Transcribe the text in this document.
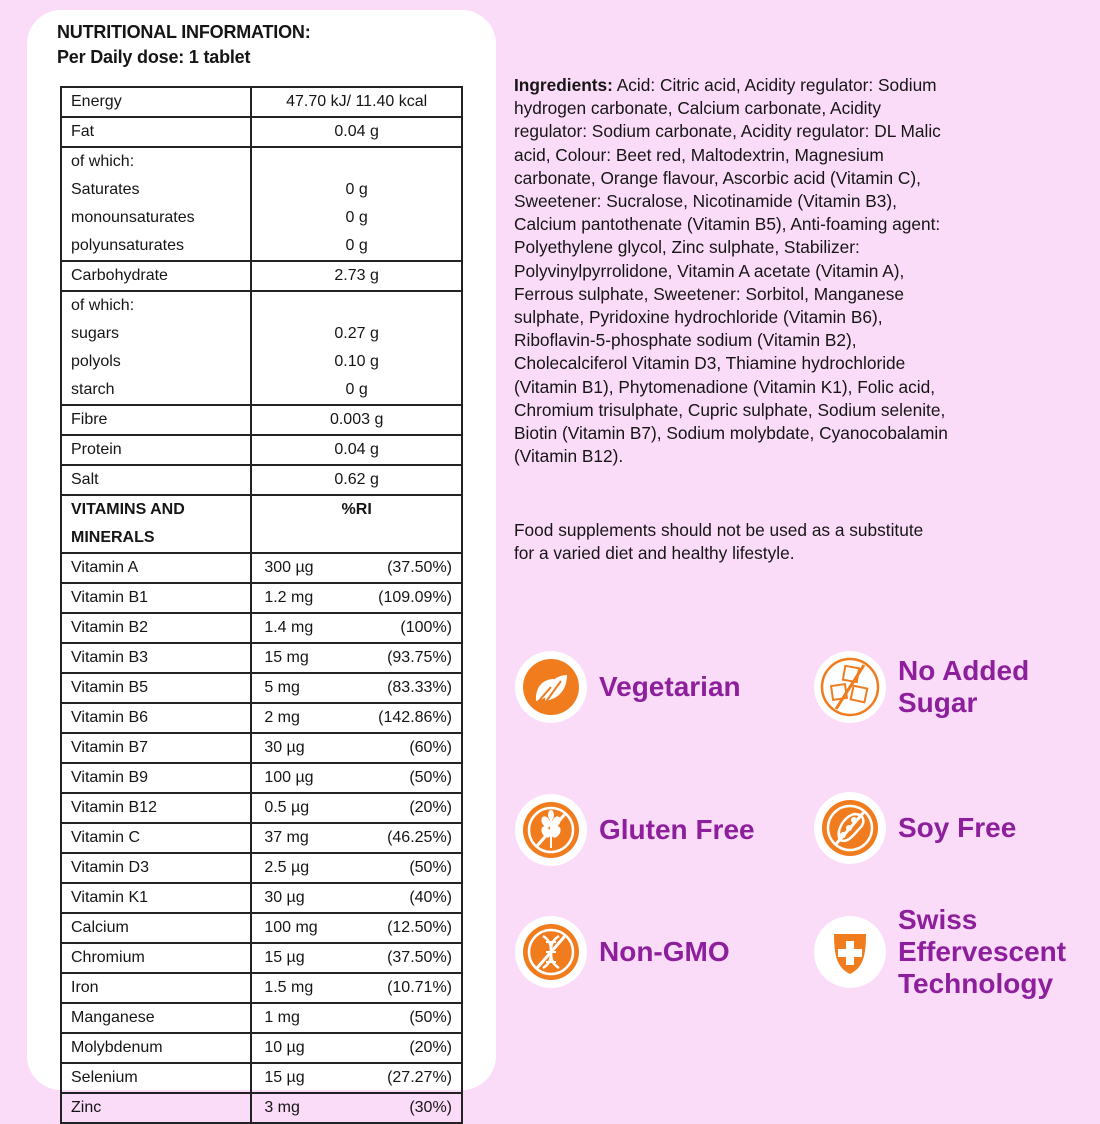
NUTRITIONAL INFORMATION:
Per Daily dose: 1 tablet
Energy	47.70 kJ/ 11.40 kcal
Fat	0.04 g
of which:	
Saturates	0 g
monounsaturates	0 g
polyunsaturates	0 g
Carbohydrate	2.73 g
of which:	
sugars	0.27 g
polyols	0.10 g
starch	0 g
Fibre	0.003 g
Protein	0.04 g
Salt	0.62 g

VITAMINS AND
MINERALS	%RI
Vitamin A	300 µg (37.50%)

Vitamin B1	1.2 mg (109.09%)

Vitamin B2	1.4 mg (100%)

Vitamin B3	15 mg (93.75%)

Vitamin B5	5 mg (83.33%)

Vitamin B6	2 mg (142.86%)

Vitamin B7	30 µg (60%)

Vitamin B9	100 µg (50%)

Vitamin B12	0.5 µg (20%)

Vitamin C	37 mg (46.25%)

Vitamin D3	2.5 µg (50%)

Vitamin K1	30 µg (40%)

Calcium	100 mg (12.50%)

Chromium	15 µg (37.50%)

Iron	1.5 mg (10.71%)

Manganese	1 mg (50%)

Molybdenum	10 µg (20%)

Selenium	15 µg (27.27%)

Zinc	3 mg (30%)
Ingredients: Acid: Citric acid, Acidity regulator: Sodium hydrogen carbonate, Calcium carbonate, Acidity regulator: Sodium carbonate, Acidity regulator: DL Malic acid, Colour: Beet red, Maltodextrin, Magnesium carbonate, Orange flavour, Ascorbic acid (Vitamin C), Sweetener: Sucralose, Nicotinamide (Vitamin B3), Calcium pantothenate (Vitamin B5), Anti-foaming agent: Polyethylene glycol, Zinc sulphate, Stabilizer: Polyvinylpyrrolidone, Vitamin A acetate (Vitamin A), Ferrous sulphate, Sweetener: Sorbitol, Manganese sulphate, Pyridoxine hydrochloride (Vitamin B6), Riboflavin-5-phosphate sodium (Vitamin B2), Cholecalciferol Vitamin D3, Thiamine hydrochloride (Vitamin B1), Phytomenadione (Vitamin K1), Folic acid, Chromium trisulphate, Cupric sulphate, Sodium selenite, Biotin (Vitamin B7), Sodium molybdate, Cyanocobalamin (Vitamin B12).
Food supplements should not be used as a substitute for a varied diet and healthy lifestyle.
Vegetarian
No Added
Sugar
Gluten Free	Soy Free
Non-GMO
Swiss
Effervescent
Technology
